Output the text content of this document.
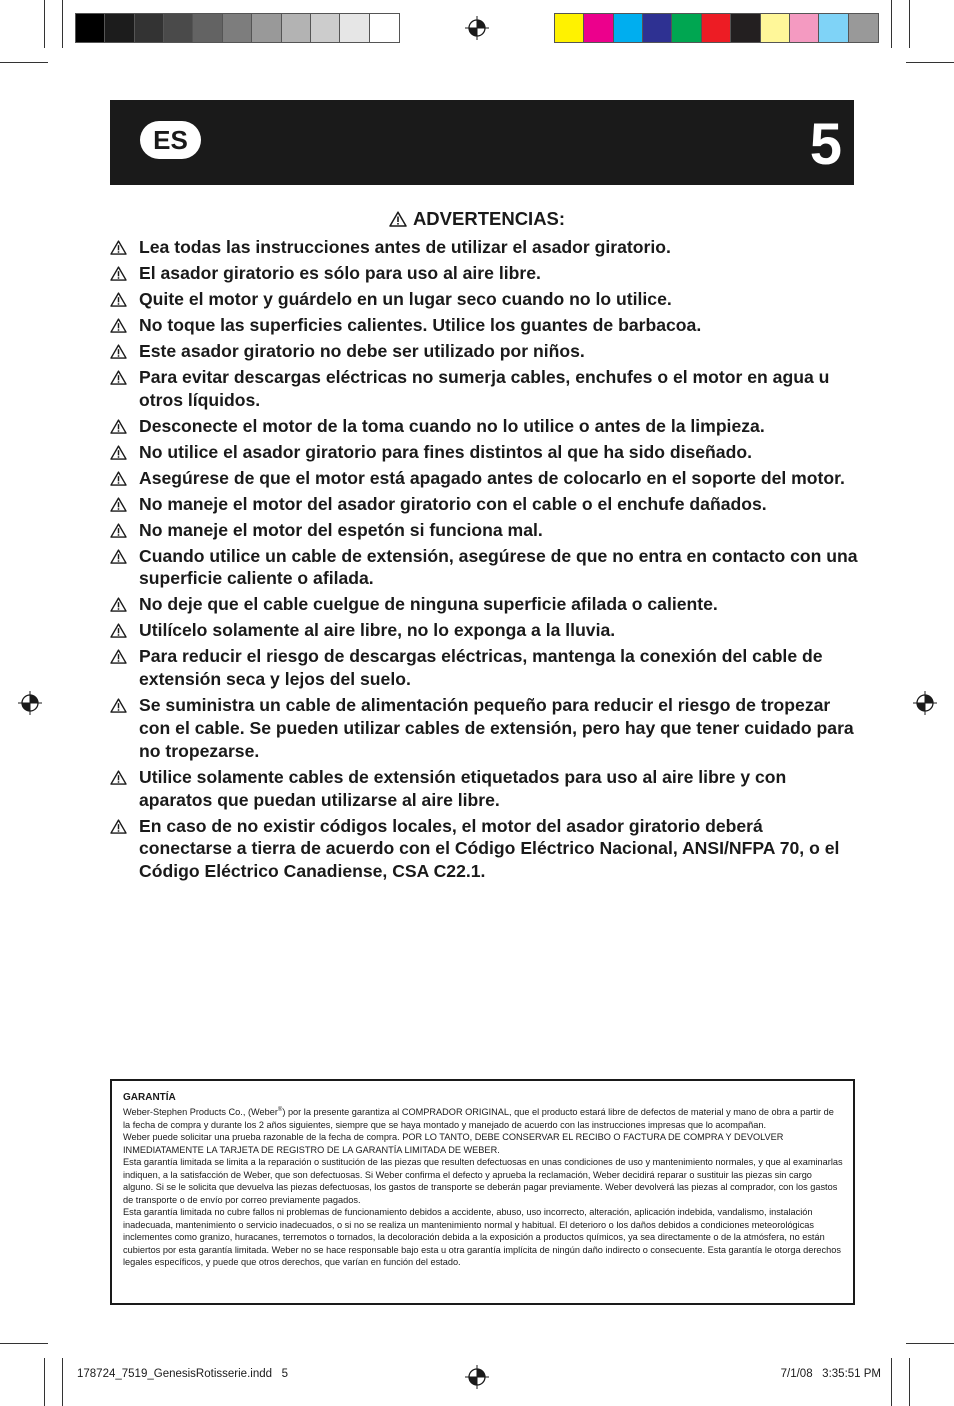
ES	5
ADVERTENCIAS:
Lea todas las instrucciones antes de utilizar el asador giratorio.
El asador giratorio es sólo para uso al aire libre.
Quite el motor y guárdelo en un lugar seco cuando no lo utilice.
No toque las superficies calientes. Utilice los guantes de barbacoa.
Este asador giratorio no debe ser utilizado por niños.
Para evitar descargas eléctricas no sumerja cables, enchufes o el motor en agua u otros líquidos.
Desconecte el motor de la toma cuando no lo utilice o antes de la limpieza.
No utilice el asador giratorio para fines distintos al que ha sido diseñado.
Asegúrese de que el motor está apagado antes de colocarlo en el soporte del motor.
No maneje el motor del asador giratorio con el cable o el enchufe dañados.
No maneje el motor del espetón si funciona mal.
Cuando utilice un cable de extensión, asegúrese de que no entra en contacto con una superficie caliente o afilada.
No deje que el cable cuelgue de ninguna superficie afilada o caliente.
Utilícelo solamente al aire libre, no lo exponga a la lluvia.
Para reducir el riesgo de descargas eléctricas, mantenga la conexión del cable de extensión seca y lejos del suelo.
Se suministra un cable de alimentación pequeño para reducir el riesgo de tropezar con el cable. Se pueden utilizar cables de extensión, pero hay que tener cuidado para no tropezarse.
Utilice solamente cables de extensión etiquetados para uso al aire libre y con aparatos que puedan utilizarse al aire libre.
En caso de no existir códigos locales, el motor del asador giratorio deberá conectarse a tierra de acuerdo con el Código Eléctrico Nacional, ANSI/NFPA 70, o el Código Eléctrico Canadiense, CSA C22.1.
GARANTÍA

Weber-Stephen Products Co., (Weber®) por la presente garantiza al COMPRADOR ORIGINAL, que el producto estará libre de defectos de material y mano de obra a partir de la fecha de compra y durante los 2 años siguientes, siempre que se haya montado y manejado de acuerdo con las instrucciones impresas que lo acompañan.

Weber puede solicitar una prueba razonable de la fecha de compra. POR LO TANTO, DEBE CONSERVAR EL RECIBO O FACTURA DE COMPRA Y DEVOLVER INMEDIATAMENTE LA TARJETA DE REGISTRO DE LA GARANTÍA LIMITADA DE WEBER.

Esta garantía limitada se limita a la reparación o sustitución de las piezas que resulten defectuosas en unas condiciones de uso y mantenimiento normales, y que al examinarlas indiquen, a la satisfacción de Weber, que son defectuosas. Si Weber confirma el defecto y aprueba la reclamación, Weber decidirá reparar o sustituir las piezas sin cargo alguno. Si se le solicita que devuelva las piezas defectuosas, los gastos de transporte se deberán pagar previamente. Weber devolverá las piezas al comprador, con los gastos de transporte o de envío por correo previamente pagados.

Esta garantía limitada no cubre fallos ni problemas de funcionamiento debidos a accidente, abuso, uso incorrecto, alteración, aplicación indebida, vandalismo, instalación inadecuada, mantenimiento o servicio inadecuados, o si no se realiza un mantenimiento normal y habitual. El deterioro o los daños debidos a condiciones meteorológicas inclementes como granizo, huracanes, terremotos o tornados, la decoloración debida a la exposición a productos químicos, ya sea directamente o de la atmósfera, no están cubiertos por esta garantía limitada. Weber no se hace responsable bajo esta u otra garantía implícita de ningún daño indirecto o consecuente. Esta garantía le otorga derechos legales específicos, y puede que otros derechos, que varían en función del estado.

178724_7519_GenesisRotisserie.indd   5	7/1/08   3:35:51 PM
